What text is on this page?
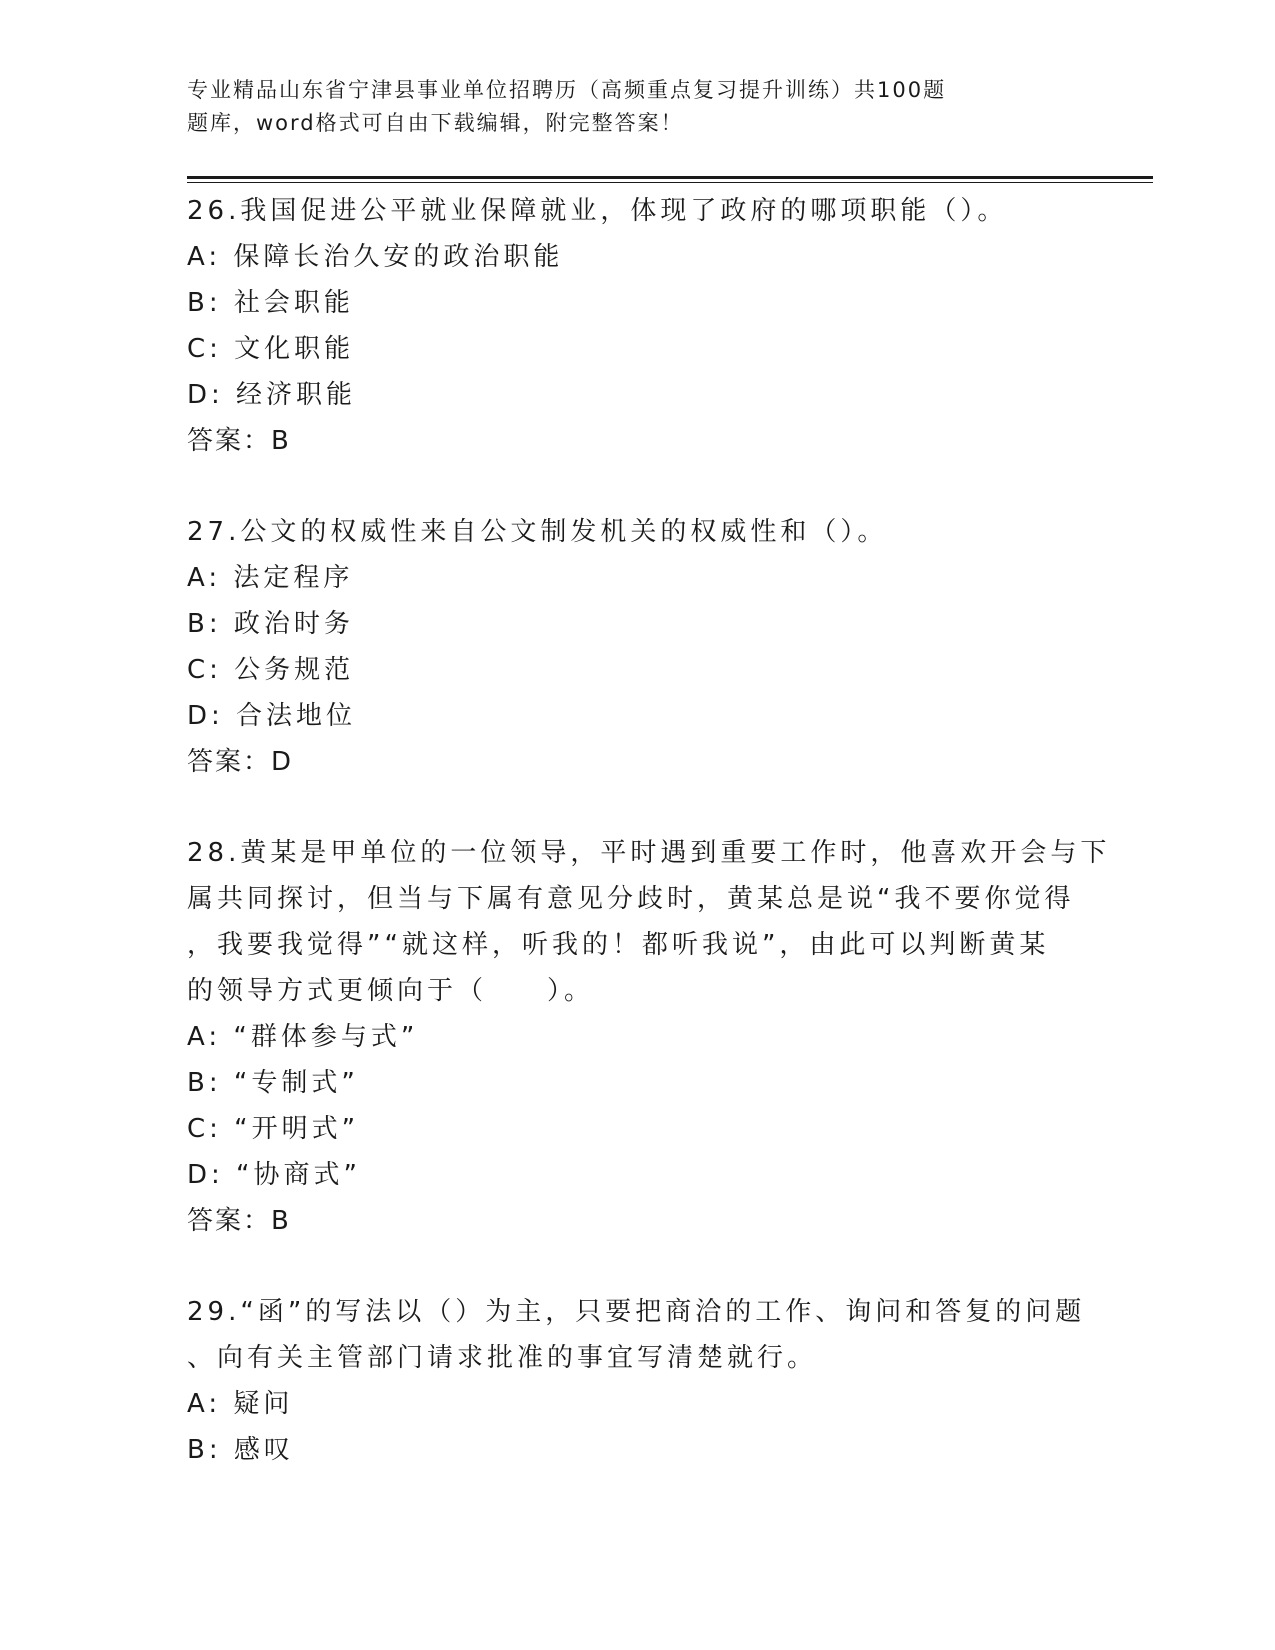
专业精品山东省宁津县事业单位招聘历（高频重点复习提升训练）共100题
题库，word格式可自由下载编辑，附完整答案！
26.我国促进公平就业保障就业，体现了政府的哪项职能（）。
A: 保障长治久安的政治职能
B: 社会职能
C: 文化职能
D: 经济职能
答案：B
27.公文的权威性来自公文制发机关的权威性和（）。
A: 法定程序
B: 政治时务
C: 公务规范
D: 合法地位
答案：D
28.黄某是甲单位的一位领导，平时遇到重要工作时，他喜欢开会与下
属共同探讨，但当与下属有意见分歧时，黄某总是说“我不要你觉得
，我要我觉得”“就这样，听我的！都听我说”，由此可以判断黄某
的领导方式更倾向于（　　）。
A: “群体参与式”
B: “专制式”
C: “开明式”
D: “协商式”
答案：B
29.“函”的写法以（）为主，只要把商洽的工作、询问和答复的问题
、向有关主管部门请求批准的事宜写清楚就行。
A: 疑问
B: 感叹
